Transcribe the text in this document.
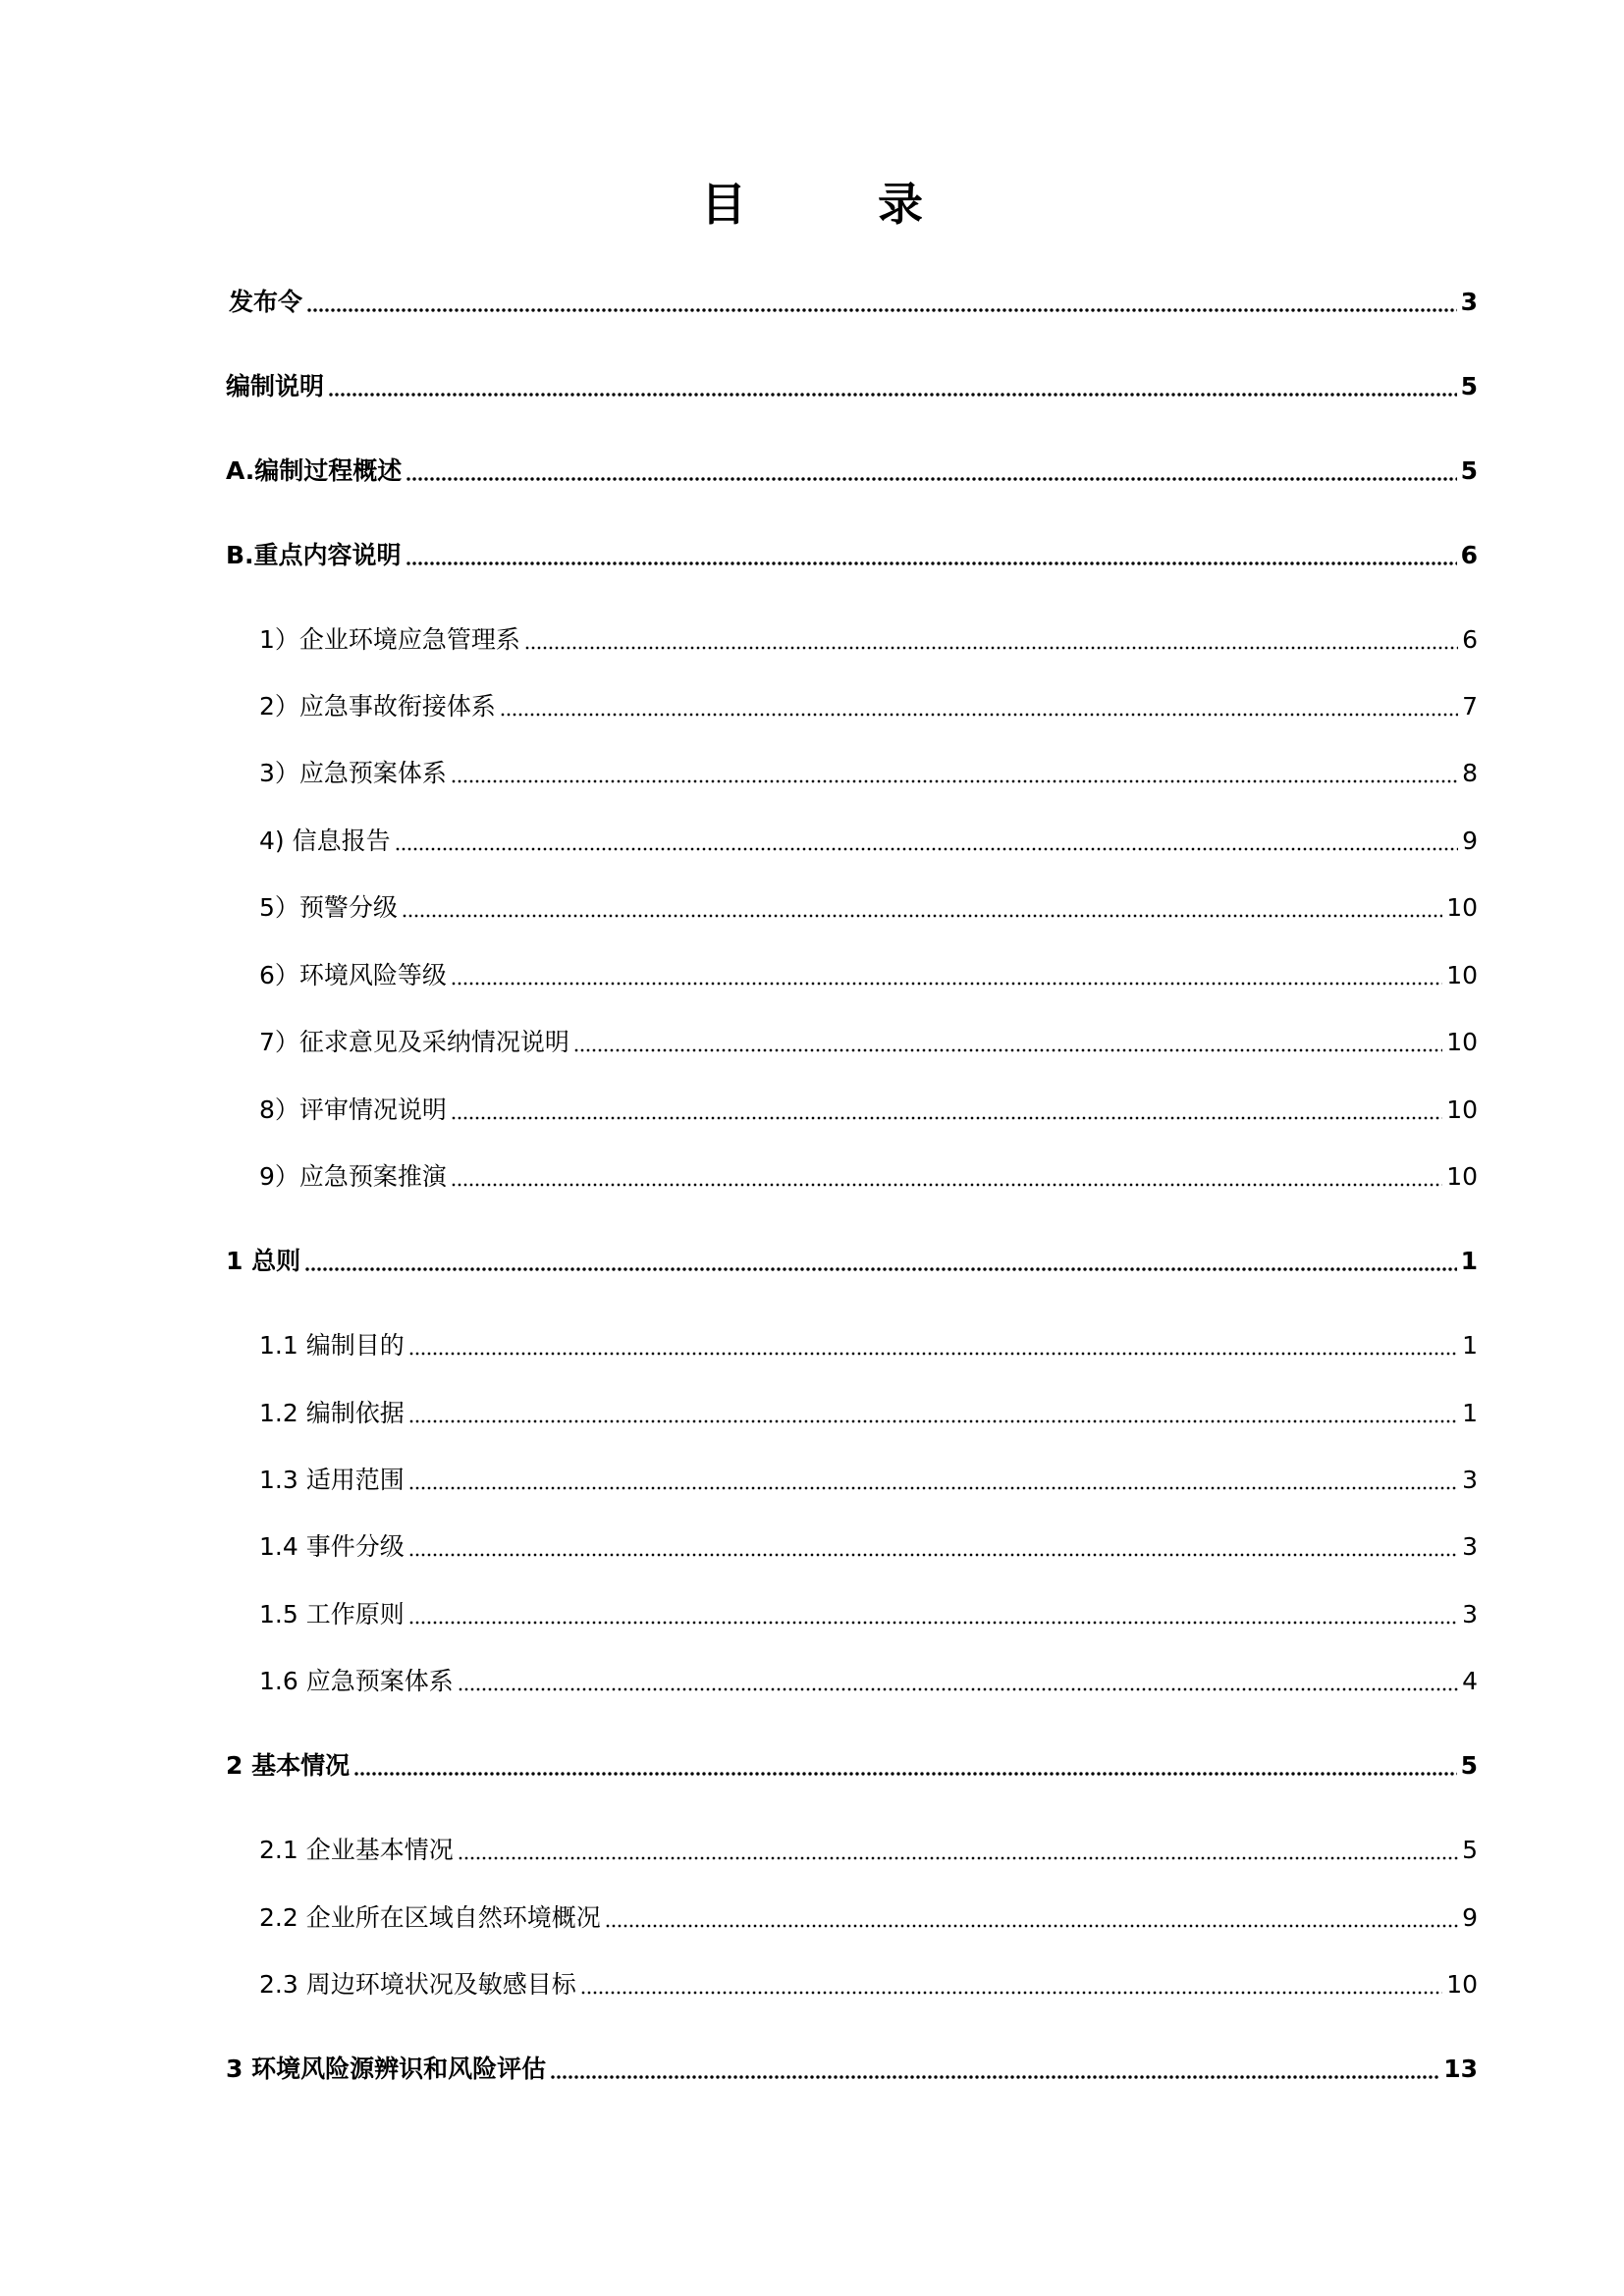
目　录
发布令	3
编制说明	5
A.编制过程概述	5
B.重点内容说明	6
1）企业环境应急管理系	6
2）应急事故衔接体系	7
3）应急预案体系	8
4) 信息报告	9
5）预警分级	10
6）环境风险等级	10
7）征求意见及采纳情况说明	10
8）评审情况说明	10
9）应急预案推演	10
1 总则	1
1.1 编制目的	1
1.2 编制依据	1
1.3 适用范围	3
1.4 事件分级	3
1.5 工作原则	3
1.6 应急预案体系	4
2 基本情况	5
2.1 企业基本情况	5
2.2 企业所在区域自然环境概况	9
2.3 周边环境状况及敏感目标	10
3 环境风险源辨识和风险评估	13
